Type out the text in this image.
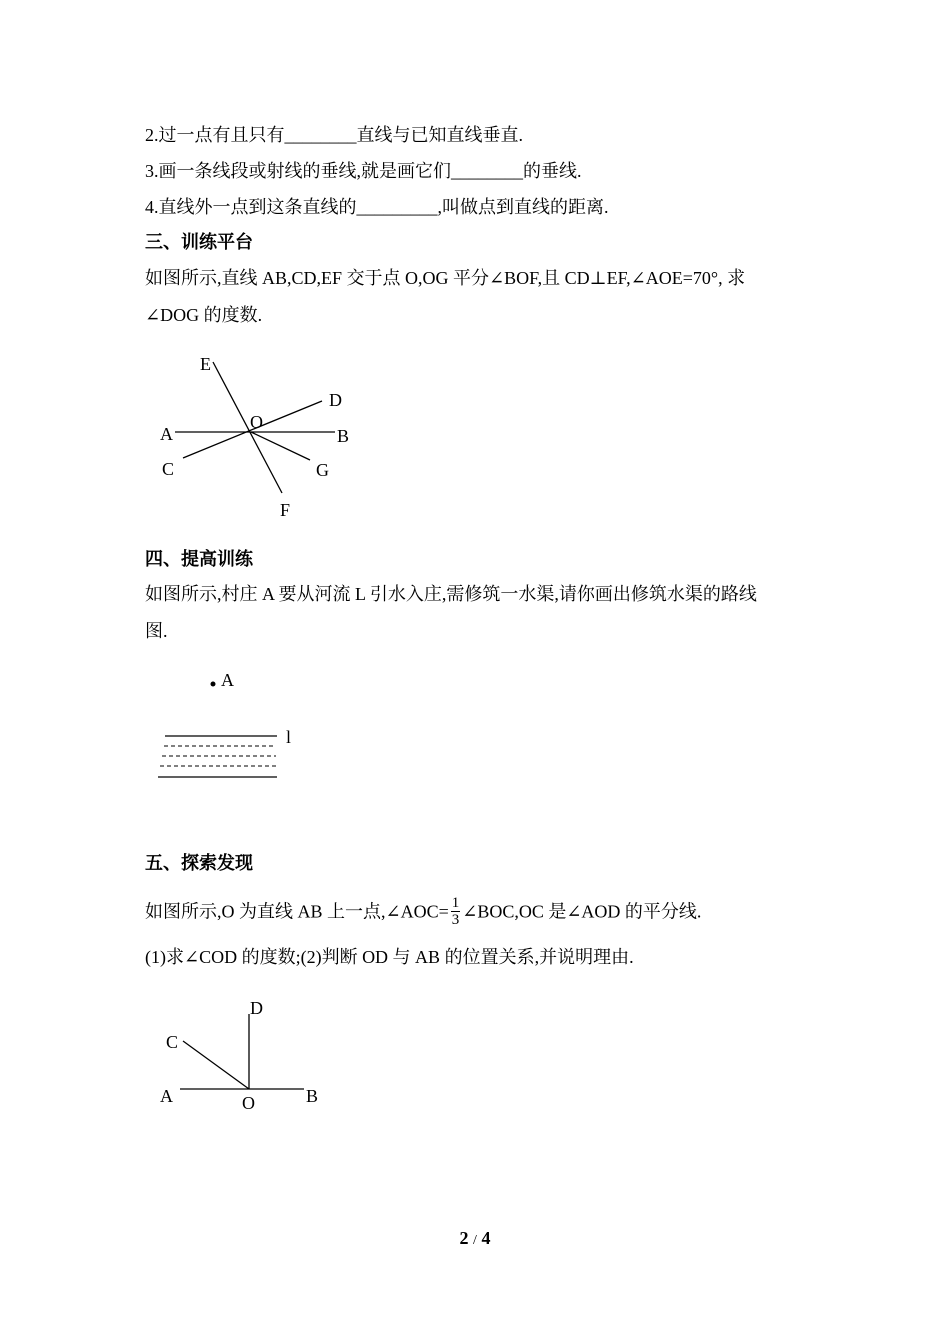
2.过一点有且只有________直线与已知直线垂直.
3.画一条线段或射线的垂线,就是画它们________的垂线.
4.直线外一点到这条直线的_________,叫做点到直线的距离.
三、训练平台
如图所示,直线 AB,CD,EF 交于点 O,OG 平分∠BOF,且 CD⊥EF,∠AOE=70°, 求
∠DOG 的度数.
E
D
O
A	B
C	G
F
四、提高训练
如图所示,村庄 A 要从河流 L 引水入庄,需修筑一水渠,请你画出修筑水渠的路线
图.
A
l
五、探索发现
如图所示,O 为直线 AB 上一点,∠AOC= $\frac{1}{3}$ ∠BOC,OC 是∠AOD 的平分线.
(1)求∠COD 的度数;(2)判断 OD 与 AB 的位置关系,并说明理由.
D
C
A	O	B
2 / 4
